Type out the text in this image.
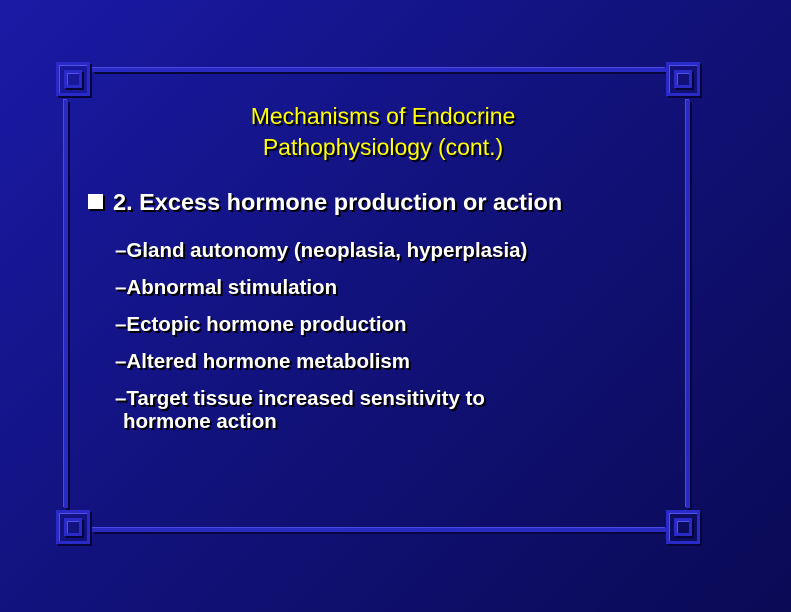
Mechanisms of Endocrine
Pathophysiology (cont.)
2. Excess hormone production or action
–Gland autonomy (neoplasia, hyperplasia)
–Abnormal stimulation
–Ectopic hormone production
–Altered hormone metabolism
–Target tissue increased sensitivity to
hormone action
